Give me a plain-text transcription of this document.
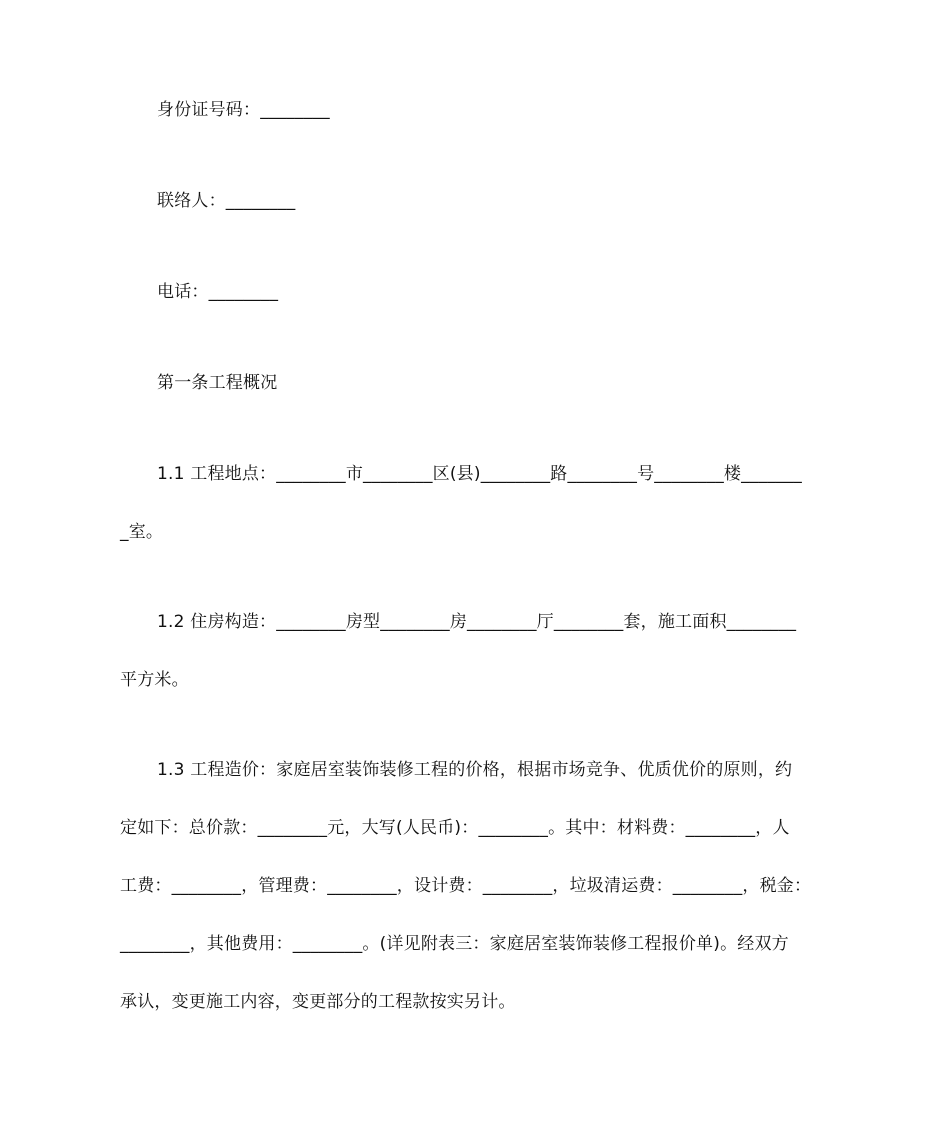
身份证号码：________
联络人：________
电话：________
第一条工程概况
1.1 工程地点：________市________区(县)________路________号________楼_______
_室。
1.2 住房构造：________房型________房________厅________套，施工面积________
平方米。
1.3 工程造价：家庭居室装饰装修工程的价格，根据市场竞争、优质优价的原则，约
定如下：总价款：________元，大写(人民币)：________。其中：材料费：________，人
工费：________，管理费：________，设计费：________，垃圾清运费：________，税金：
________，其他费用：________。(详见附表三：家庭居室装饰装修工程报价单)。经双方
承认，变更施工内容，变更部分的工程款按实另计。
